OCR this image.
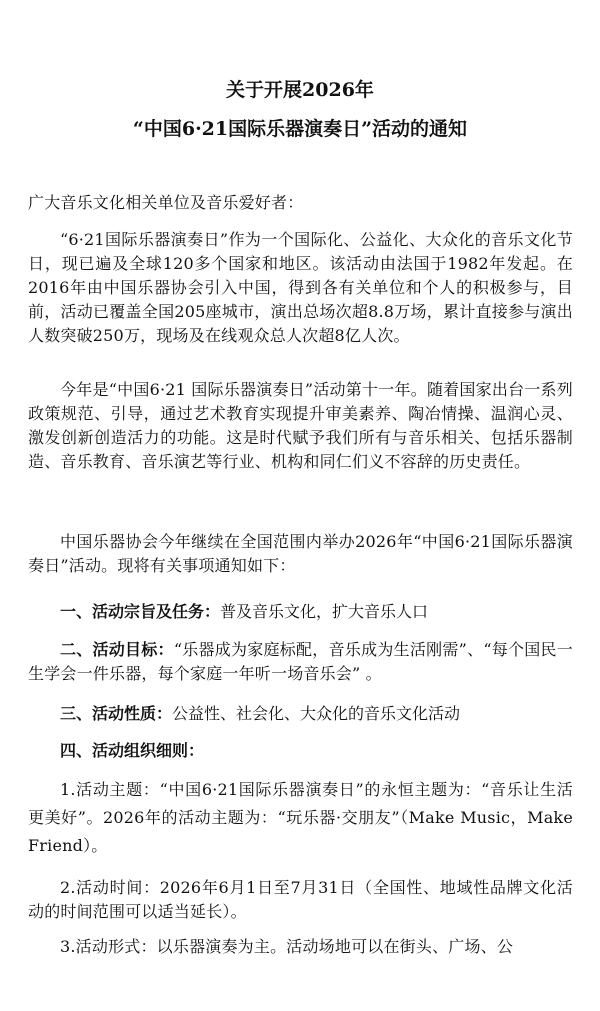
关于开展2026年
“中国6·21国际乐器演奏日”活动的通知
广大音乐文化相关单位及音乐爱好者：
“6·21国际乐器演奏日”作为一个国际化、公益化、大众化的音乐文化节日，现已遍及全球120多个国家和地区。该活动由法国于1982年发起。在2016年由中国乐器协会引入中国，得到各有关单位和个人的积极参与，目前，活动已覆盖全国205座城市，演出总场次超8.8万场，累计直接参与演出人数突破250万，现场及在线观众总人次超8亿人次。
今年是“中国6·21 国际乐器演奏日”活动第十一年。随着国家出台一系列政策规范、引导，通过艺术教育实现提升审美素养、陶冶情操、温润心灵、激发创新创造活力的功能。这是时代赋予我们所有与音乐相关、包括乐器制造、音乐教育、音乐演艺等行业、机构和同仁们义不容辞的历史责任。
中国乐器协会今年继续在全国范围内举办2026年“中国6·21国际乐器演奏日”活动。现将有关事项通知如下：
一、活动宗旨及任务：普及音乐文化，扩大音乐人口
二、活动目标：“乐器成为家庭标配，音乐成为生活刚需”、“每个国民一生学会一件乐器，每个家庭一年听一场音乐会” 。
三、活动性质：公益性、社会化、大众化的音乐文化活动
四、活动组织细则：
1.活动主题：“中国6·21国际乐器演奏日”的永恒主题为：“音乐让生活更美好”。2026年的活动主题为：“玩乐器·交朋友”（Make Music，Make Friend）。
2.活动时间：2026年6月1日至7月31日（全国性、地域性品牌文化活动的时间范围可以适当延长）。
3.活动形式：以乐器演奏为主。活动场地可以在街头、广场、公
